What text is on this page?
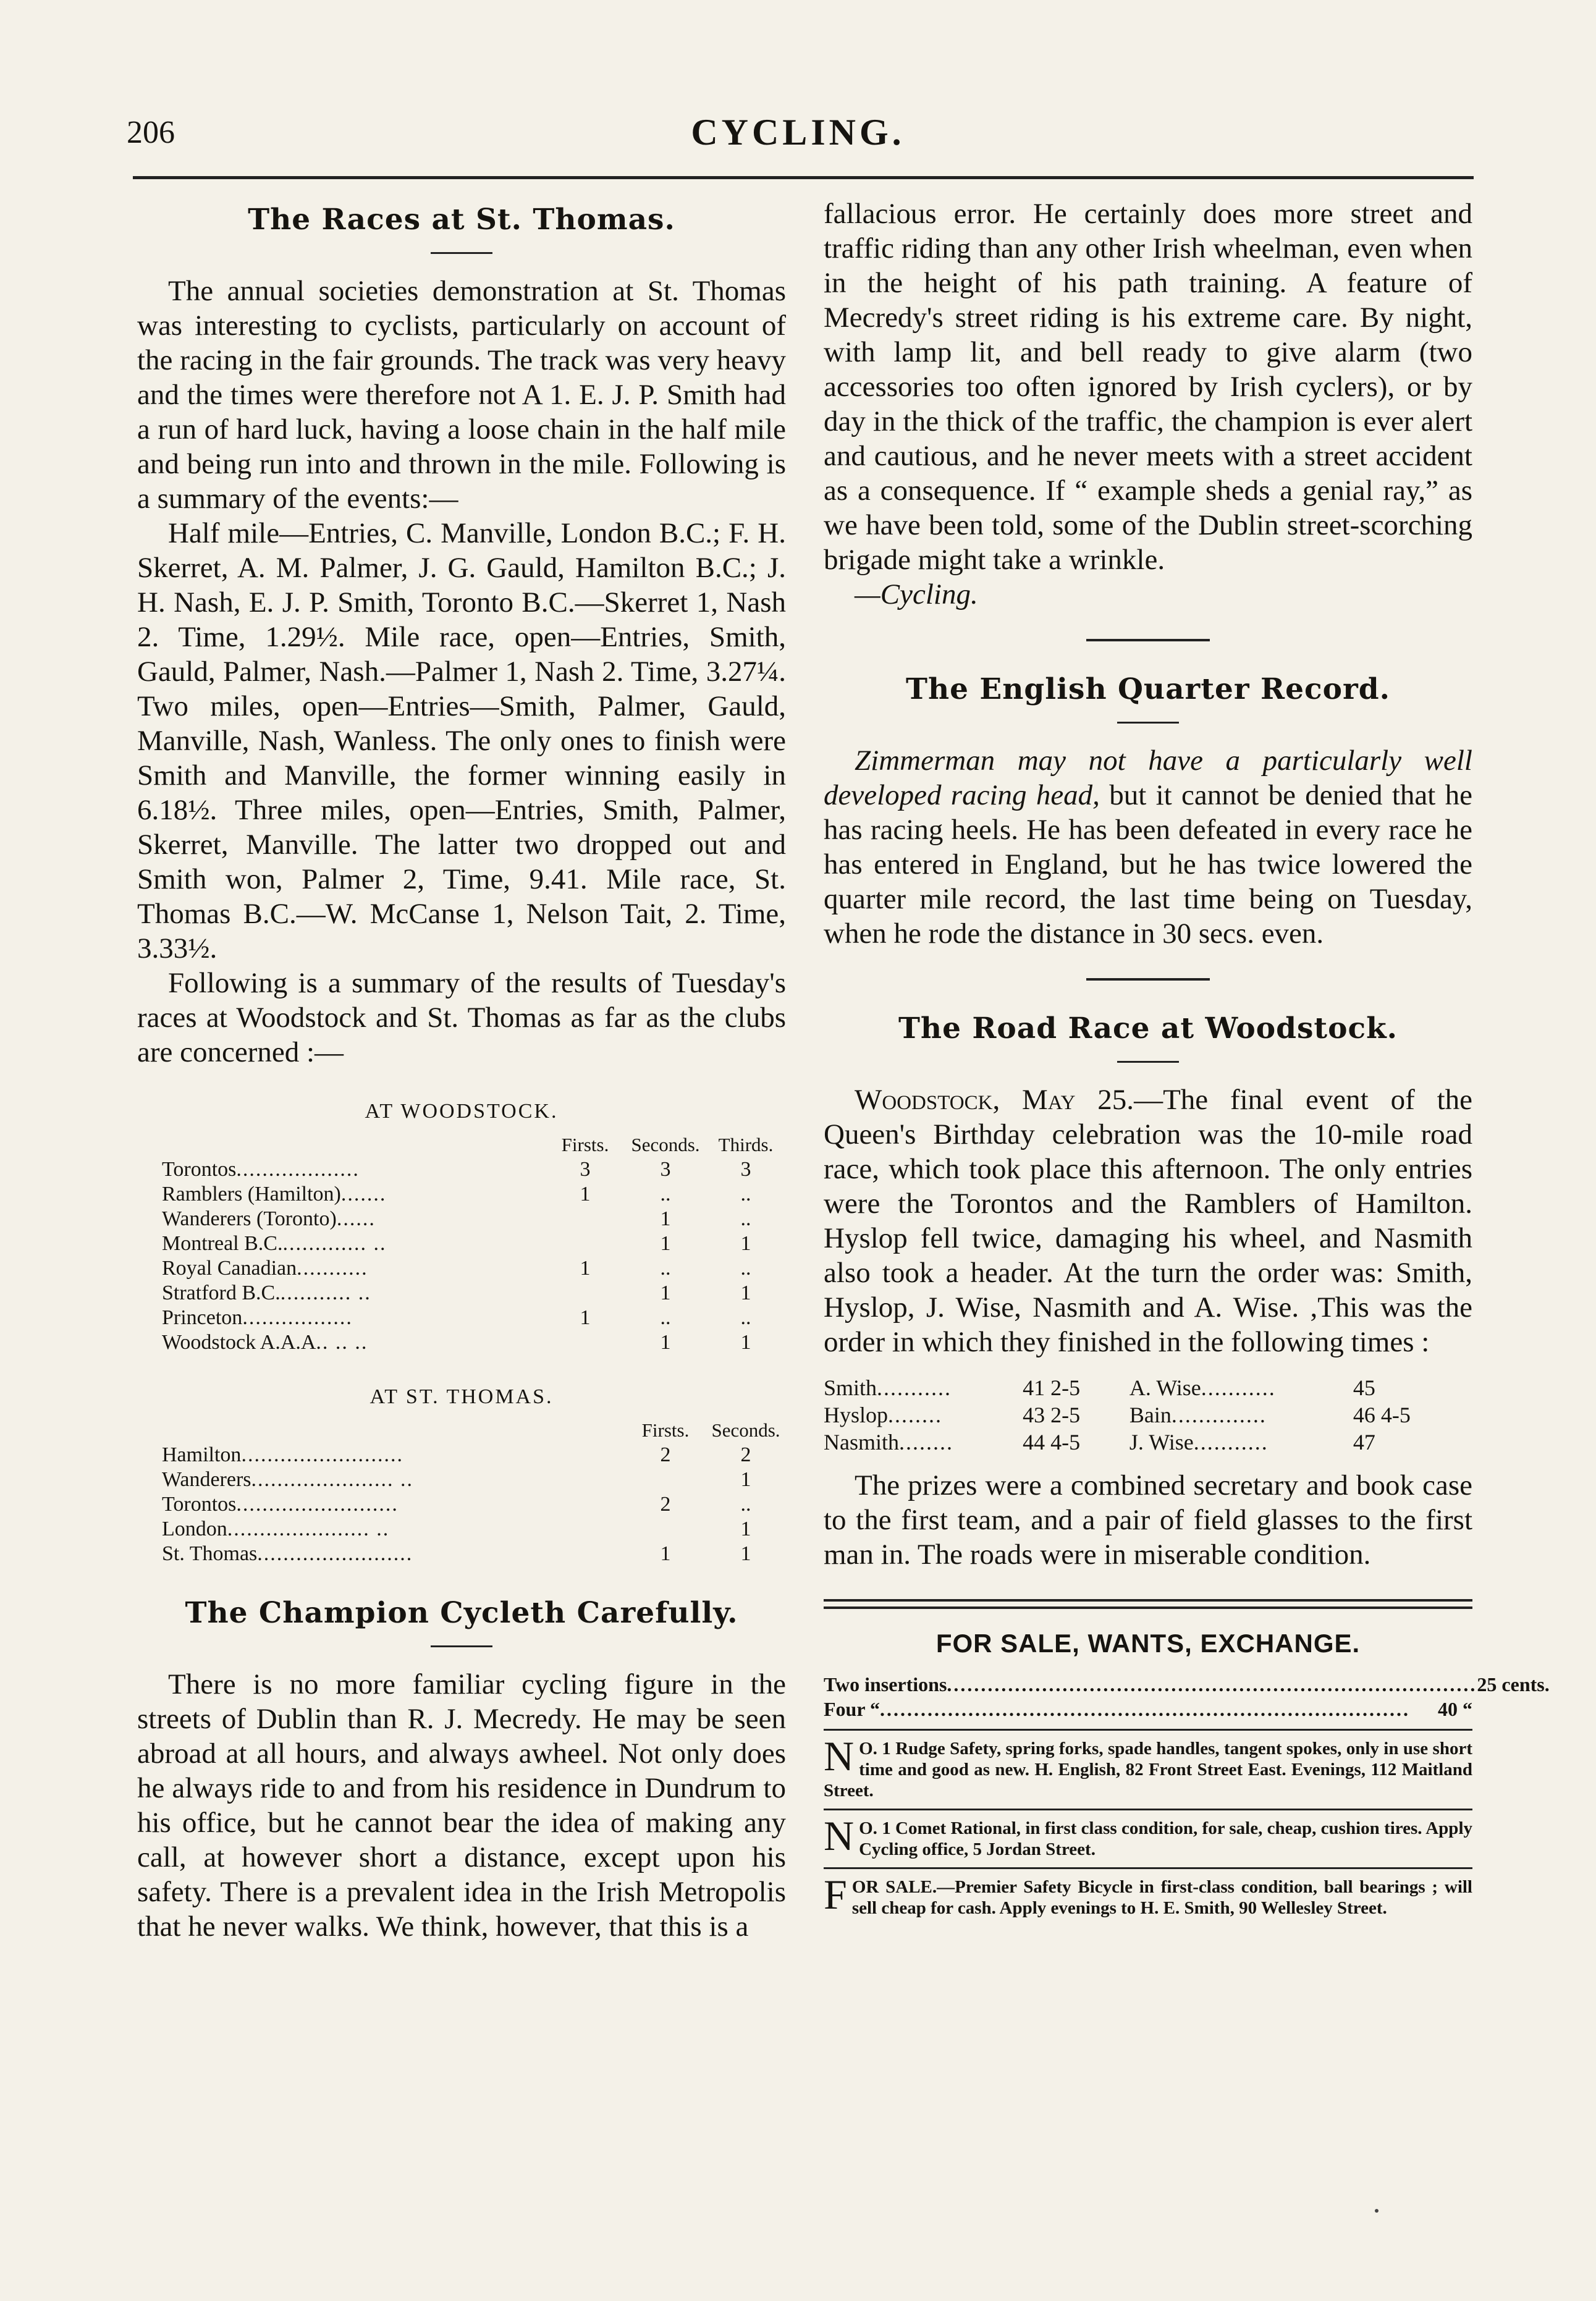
206	CYCLING.
The Races at St. Thomas.

The annual societies demonstration at St. Thomas was interesting to cyclists, particularly on account of the racing in the fair grounds. The track was very heavy and the times were therefore not A 1. E. J. P. Smith had a run of hard luck, having a loose chain in the half mile and being run into and thrown in the mile. Following is a summary of the events:—

Half mile—Entries, C. Manville, London B.C.; F. H. Skerret, A. M. Palmer, J. G. Gauld, Hamilton B.C.; J. H. Nash, E. J. P. Smith, Toronto B.C.—Skerret 1, Nash 2. Time, 1.29½. Mile race, open—Entries, Smith, Gauld, Palmer, Nash.—Palmer 1, Nash 2. Time, 3.27¼. Two miles, open—Entries—Smith, Palmer, Gauld, Manville, Nash, Wanless. The only ones to finish were Smith and Manville, the former winning easily in 6.18½. Three miles, open—Entries, Smith, Palmer, Skerret, Manville. The latter two dropped out and Smith won, Palmer 2, Time, 9.41. Mile race, St. Thomas B.C.—W. McCanse 1, Nelson Tait, 2. Time, 3.33½.

Following is a summary of the results of Tuesday's races at Woodstock and St. Thomas as far as the clubs are concerned :—

AT WOODSTOCK.
	Firsts.	Seconds.	Thirds.
Torontos...................	3	3	3
Ramblers (Hamilton).......	1	..	..
Wanderers (Toronto)......		1	..
Montreal B.C.............. ..		1	1
Royal Canadian...........	1	..	..
Stratford B.C............ ..		1	1
Princeton.................	1	..	..
Woodstock A.A.A.. .. ..		1	1
AT ST. THOMAS.
	Firsts.	Seconds.
Hamilton.........................	2	2
Wanderers...................... ..		1
Torontos.........................	2	..
London...................... ..		1
St. Thomas........................	1	1
The Champion Cycleth Carefully.

There is no more familiar cycling figure in the streets of Dublin than R. J. Mecredy. He may be seen abroad at all hours, and always awheel. Not only does he always ride to and from his residence in Dundrum to his office, but he cannot bear the idea of making any call, at however short a distance, except upon his safety. There is a prevalent idea in the Irish Metropolis that he never walks. We think, however, that this is a

fallacious error. He certainly does more street and traffic riding than any other Irish wheelman, even when in the height of his path training. A feature of Mecredy's street riding is his extreme care. By night, with lamp lit, and bell ready to give alarm (two accessories too often ignored by Irish cyclers), or by day in the thick of the traffic, the champion is ever alert and cautious, and he never meets with a street accident as a consequence. If “ example sheds a genial ray,” as we have been told, some of the Dublin street-scorching brigade might take a wrinkle.

—Cycling.

The English Quarter Record.

Zimmerman may not have a particularly well developed racing head, but it cannot be denied that he has racing heels. He has been defeated in every race he has entered in England, but he has twice lowered the quarter mile record, the last time being on Tuesday, when he rode the distance in 30 secs. even.

The Road Race at Woodstock.

Woodstock, May 25.—The final event of the Queen's Birthday celebration was the 10-mile road race, which took place this afternoon. The only entries were the Torontos and the Ramblers of Hamilton. Hyslop fell twice, damaging his wheel, and Nasmith also took a header. At the turn the order was: Smith, Hyslop, J. Wise, Nasmith and A. Wise. ,This was the order in which they finished in the following times :

Smith...........	41 2-5	A. Wise...........	45
Hyslop........	43 2-5	Bain..............	46 4-5
Nasmith........	44 4-5	J. Wise...........	47

The prizes were a combined secretary and book case to the first team, and a pair of field glasses to the first man in. The roads were in miserable condition.

FOR SALE, WANTS, EXCHANGE.
Two insertions .............................................................................. 25 cents.
Four “ ..............................................................................	40 “
N O. 1 Rudge Safety, spring forks, spade handles, tangent spokes, only in use short time and good as new. H. English, 82 Front Street East. Evenings, 112 Maitland Street.
N O. 1 Comet Rational, in first class condition, for sale, cheap, cushion tires. Apply Cycling office, 5 Jordan Street.
FOR SALE.—Premier Safety Bicycle in first-class condition, ball bearings ; will sell cheap for cash. Apply evenings to H. E. Smith, 90 Wellesley Street.
